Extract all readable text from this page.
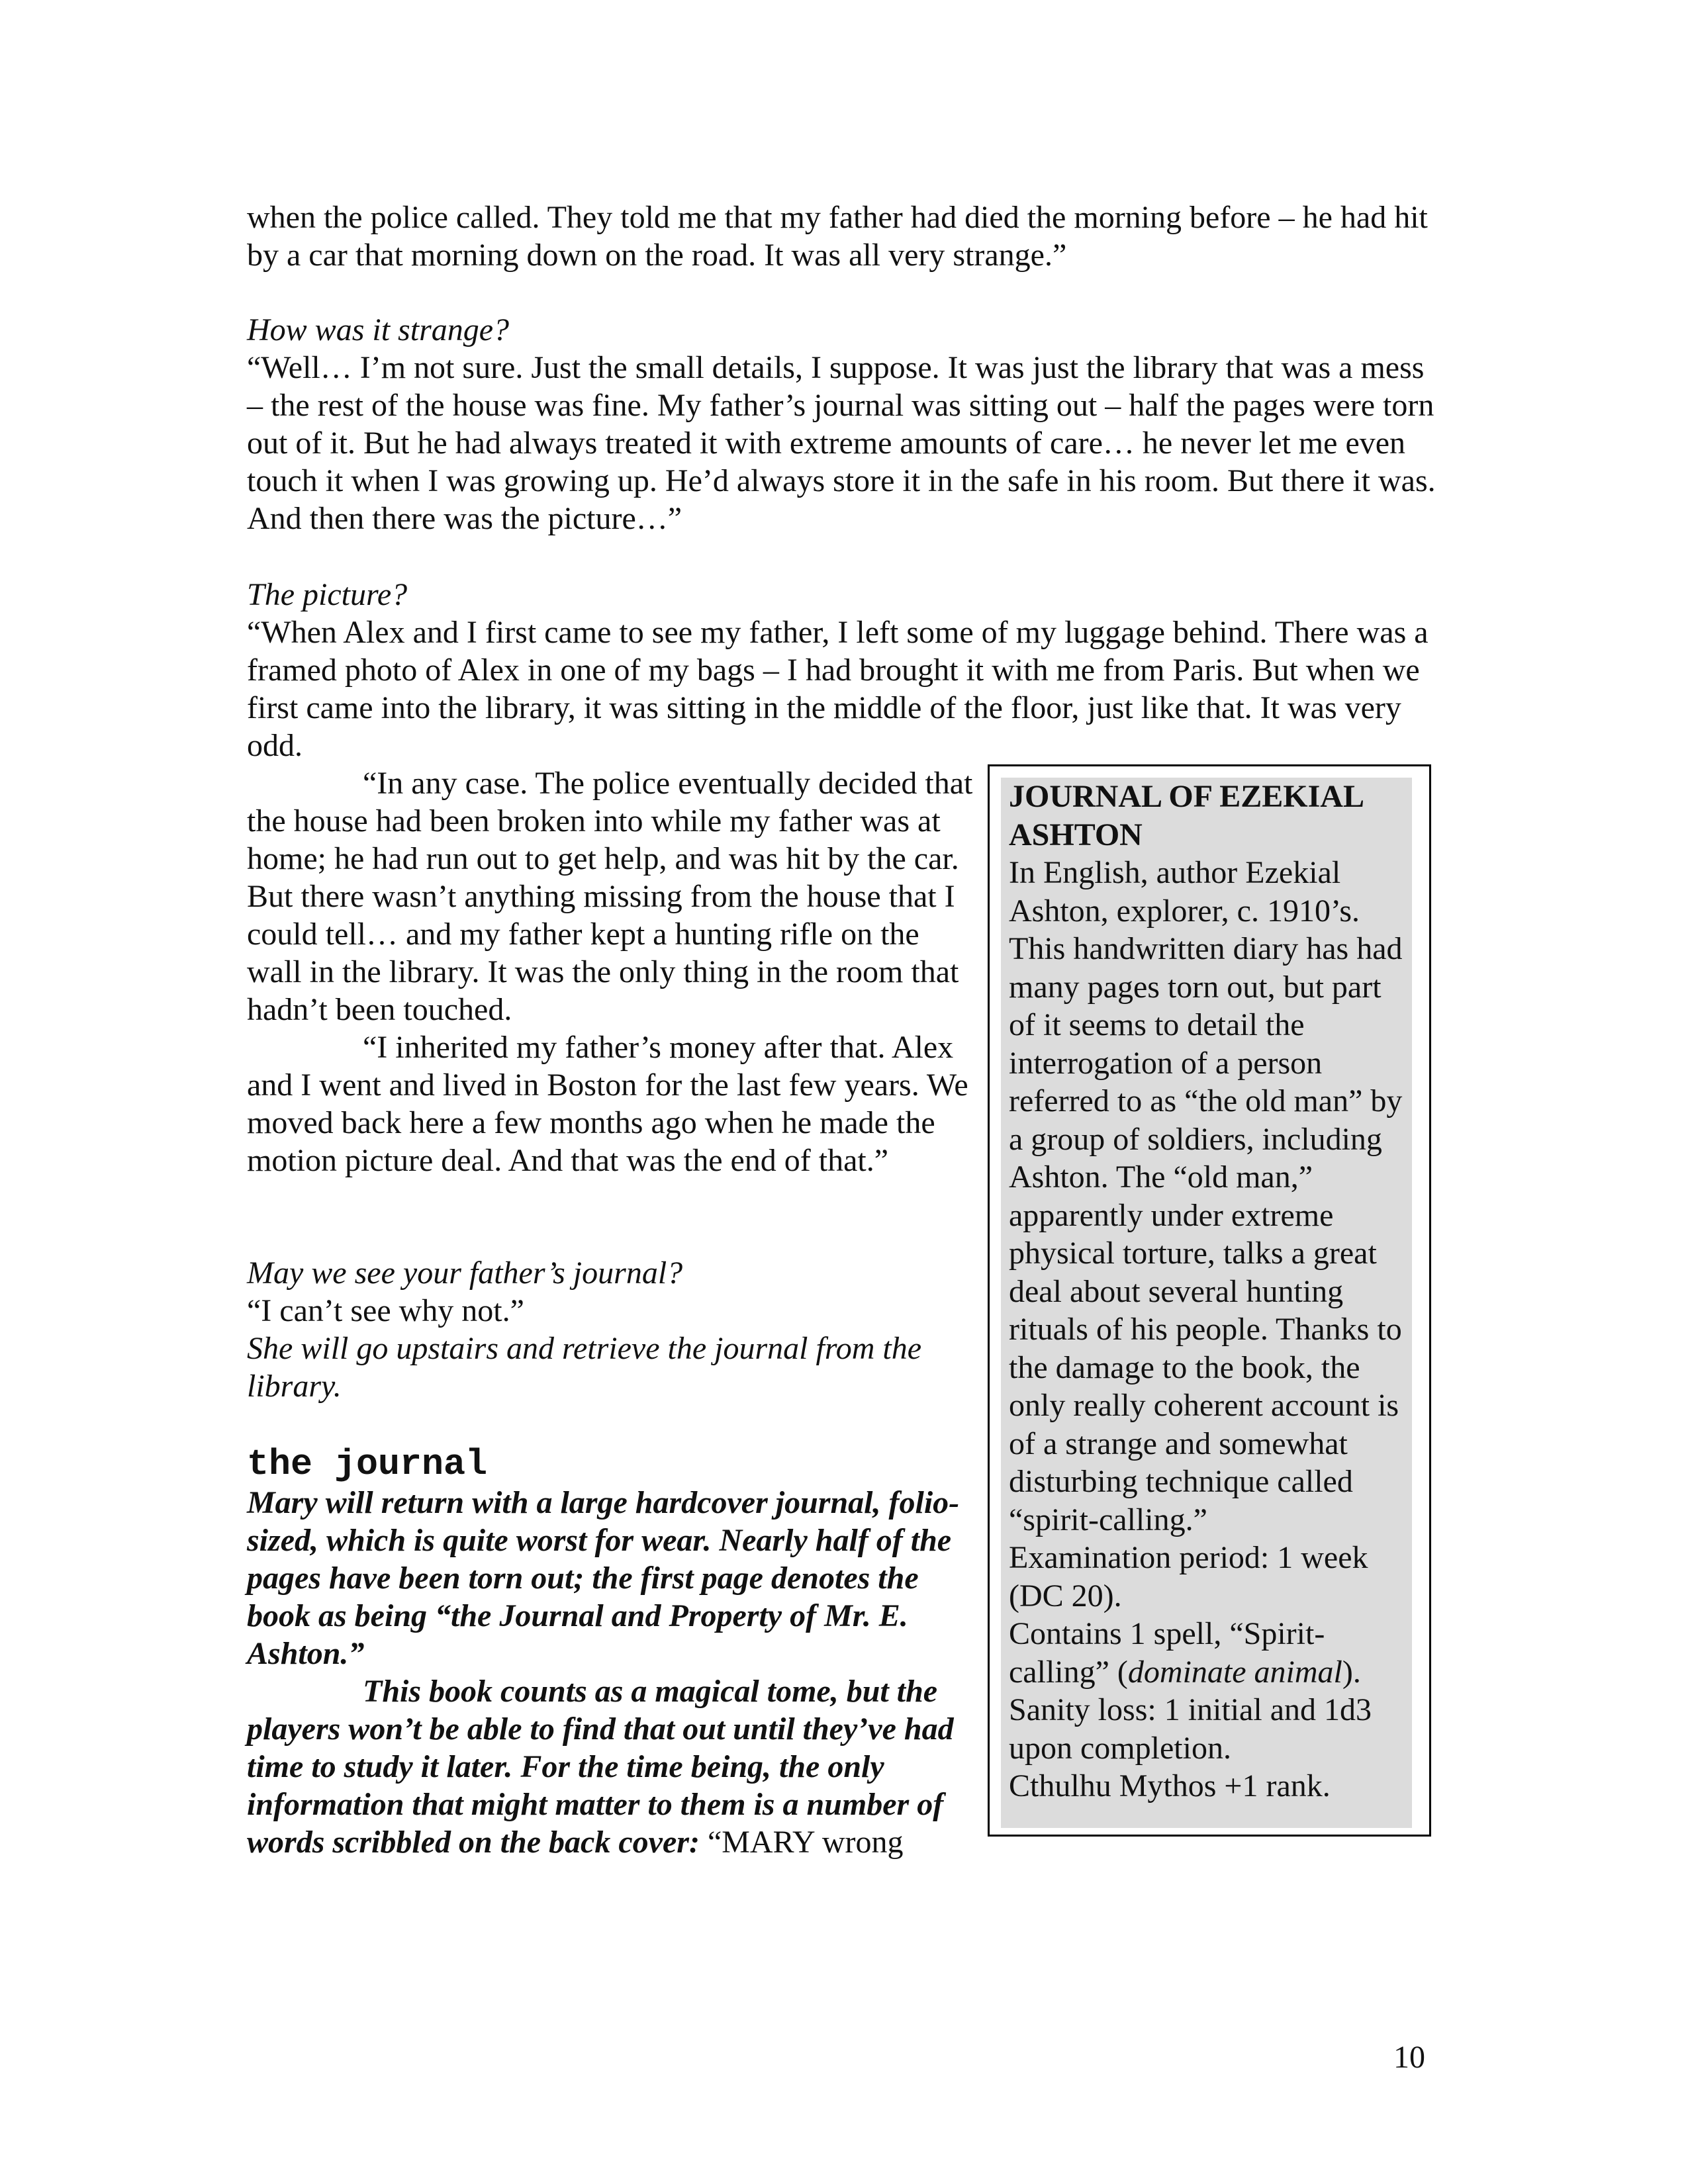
when the police called. They told me that my father had died the morning before – he had hit by a car that morning down on the road. It was all very strange.”

How was it strange?

“Well… I’m not sure. Just the small details, I suppose. It was just the library that was a mess – the rest of the house was fine. My father’s journal was sitting out – half the pages were torn out of it. But he had always treated it with extreme amounts of care… he never let me even touch it when I was growing up. He’d always store it in the safe in his room. But there it was. And then there was the picture…”

The picture?

“When Alex and I first came to see my father, I left some of my luggage behind. There was a framed photo of Alex in one of my bags – I had brought it with me from Paris. But when we first came into the library, it was sitting in the middle of the floor, just like that. It was very odd.

“In any case. The police eventually decided that the house had been broken into while my father was at home; he had run out to get help, and was hit by the car. But there wasn’t anything missing from the house that I could tell… and my father kept a hunting rifle on the wall in the library. It was the only thing in the room that hadn’t been touched.

“I inherited my father’s money after that. Alex and I went and lived in Boston for the last few years. We moved back here a few months ago when he made the motion picture deal. And that was the end of that.”

May we see your father’s journal?

“I can’t see why not.”

She will go upstairs and retrieve the journal from the library.

the journal

Mary will return with a large hardcover journal, folio-sized, which is quite worst for wear. Nearly half of the pages have been torn out; the first page denotes the book as being “the Journal and Property of Mr. E. Ashton.”

This book counts as a magical tome, but the players won’t be able to find that out until they’ve had time to study it later. For the time being, the only information that might matter to them is a number of words scribbled on the back cover: “MARY wrong

JOURNAL OF EZEKIAL ASHTON

In English, author Ezekial Ashton, explorer, c. 1910’s. This handwritten diary has had many pages torn out, but part of it seems to detail the interrogation of a person referred to as “the old man” by a group of soldiers, including Ashton. The “old man,” apparently under extreme physical torture, talks a great deal about several hunting rituals of his people. Thanks to the damage to the book, the only really coherent account is of a strange and somewhat disturbing technique called “spirit-calling.”

Examination period: 1 week (DC 20).

Contains 1 spell, “Spirit-calling” (dominate animal).

Sanity loss: 1 initial and 1d3 upon completion.

Cthulhu Mythos +1 rank.

10
